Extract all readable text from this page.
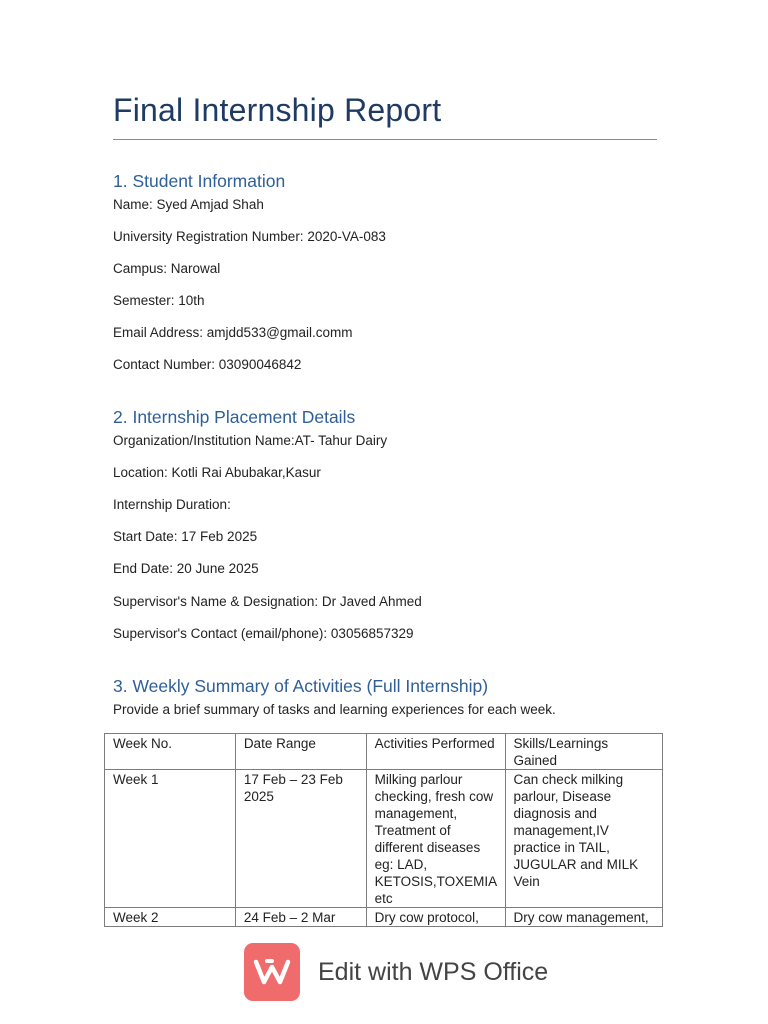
Final Internship Report
1. Student Information
Name: Syed Amjad Shah
University Registration Number: 2020-VA-083
Campus: Narowal
Semester: 10th
Email Address: amjdd533@gmail.comm
Contact Number: 03090046842
2. Internship Placement Details
Organization/Institution Name:AT- Tahur Dairy
Location: Kotli Rai Abubakar,Kasur
Internship Duration:
Start Date: 17 Feb 2025
End Date: 20 June 2025
Supervisor's Name & Designation: Dr Javed Ahmed
Supervisor's Contact (email/phone): 03056857329
3. Weekly Summary of Activities (Full Internship)
Provide a brief summary of tasks and learning experiences for each week.
Week No.	Date Range	Activities Performed	Skills/Learnings Gained
Week 1	17 Feb – 23 Feb 2025	Milking parlour checking, fresh cow management, Treatment of different diseases eg: LAD, KETOSIS,TOXEMIA etc	Can check milking parlour, Disease diagnosis and management,IV practice in TAIL, JUGULAR and MILK Vein
Week 2	24 Feb – 2 Mar	Dry cow protocol,	Dry cow management,
Edit with WPS Office
